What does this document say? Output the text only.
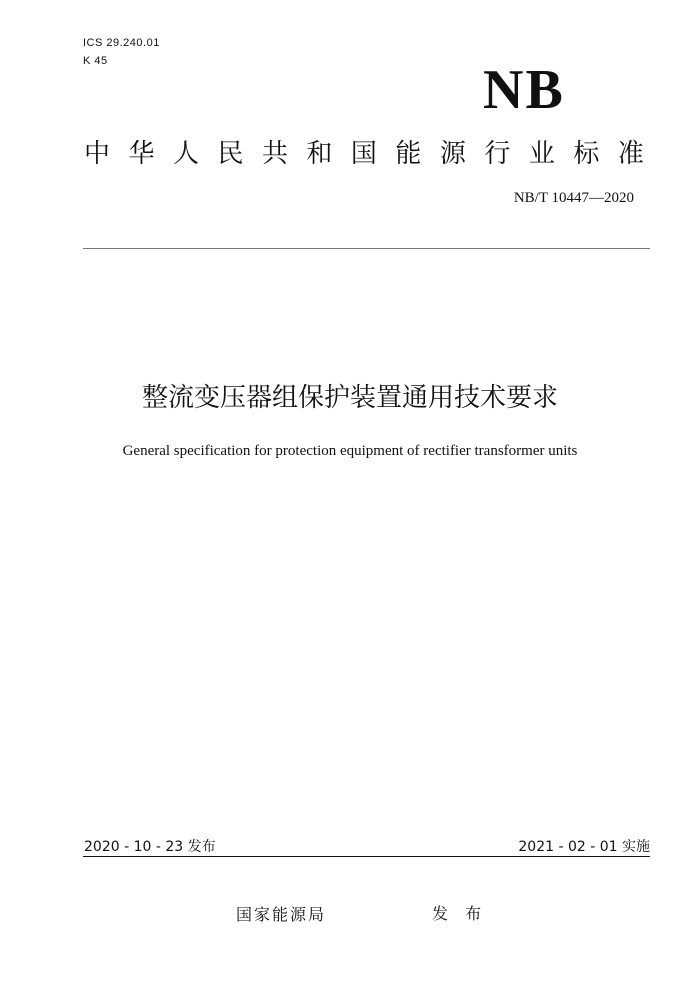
ICS 29.240.01
K 45	NB
中 华 人 民 共 和 国 能 源 行 业 标 准
NB/T 10447—2020
整流变压器组保护装置通用技术要求
General specification for protection equipment of rectifier transformer units
2020 - 10 - 23 发布	2021 - 02 - 01 实施
国家能源局	发 布
